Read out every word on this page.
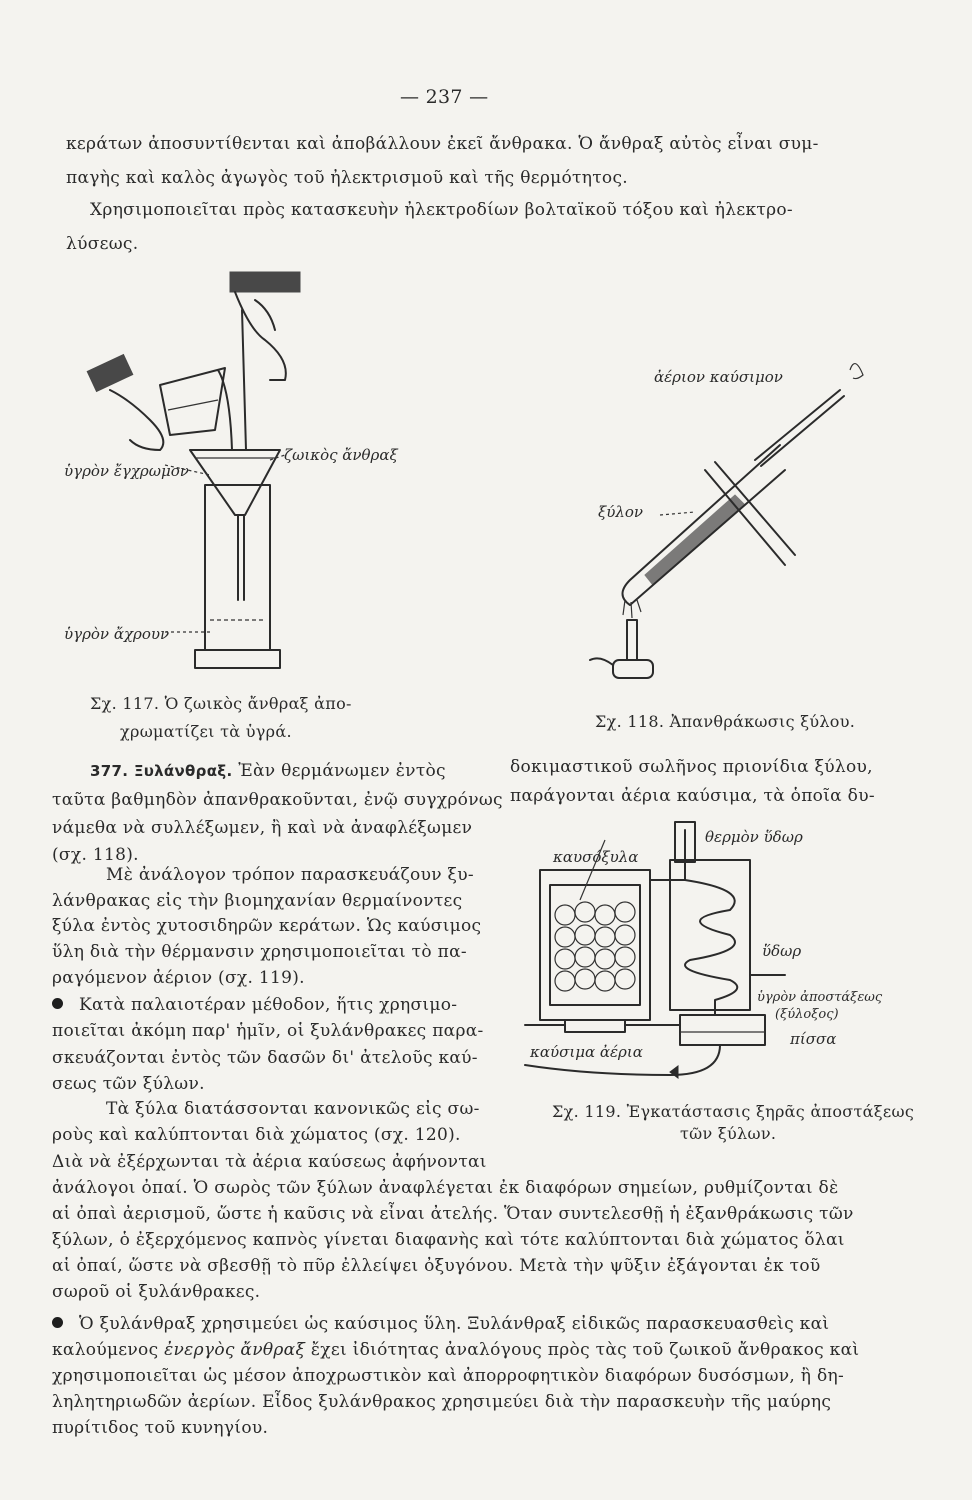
— 237 —
κεράτων ἀποσυντίθενται καὶ ἀποβάλλουν ἐκεῖ ἄνθρακα. Ὁ ἄνθραξ αὐτὸς εἶναι συμ-
παγὴς καὶ καλὸς ἀγωγὸς τοῦ ἠλεκτρισμοῦ καὶ τῆς θερμότητος.
Χρησιμοποιεῖται πρὸς κατασκευὴν ἠλεκτροδίων βολταϊκοῦ τόξου καὶ ἠλεκτρο-
λύσεως.
ὑγρὸν ἔγχρωμον
ζωικὸς ἄνθραξ
ὑγρὸν ἄχρουν
ἀέριον καύσιμον
ξύλον
Σχ. 117. Ὁ ζωικὸς ἄνθραξ ἀπο-
χρωματίζει τὰ ὑγρά.
Σχ. 118. Ἀπανθράκωσις ξύλου.
377. Ξυλάνθραξ. Ἐὰν θερμάνωμεν ἐντὸς	δοκιμαστικοῦ σωλῆνος πριονίδια ξύλου,
παράγονται ἀέρια καύσιμα, τὰ ὁποῖα δυ-
ταῦτα βαθμηδὸν ἀπανθρακοῦνται, ἐνῷ συγχρόνως
νάμεθα νὰ συλλέξωμεν, ἢ καὶ νὰ ἀναφλέξωμεν
(σχ. 118).
Μὲ ἀνάλογον τρόπον παρασκευάζουν ξυ-
λάνθρακας εἰς τὴν βιομηχανίαν θερμαίνοντες
ξύλα ἐντὸς χυτοσιδηρῶν κεράτων. Ὡς καύσιμος
ὕλη διὰ τὴν θέρμανσιν χρησιμοποιεῖται τὸ πα-
ραγόμενον ἀέριον (σχ. 119).
Κατὰ παλαιοτέραν μέθοδον, ἥτις χρησιμο-
ποιεῖται ἀκόμη παρ' ἡμῖν, οἱ ξυλάνθρακες παρα-
σκευάζονται ἐντὸς τῶν δασῶν δι' ἀτελοῦς καύ-
σεως τῶν ξύλων.
Τὰ ξύλα διατάσσονται κανονικῶς εἰς σω-
ροὺς καὶ καλύπτονται διὰ χώματος (σχ. 120).
καυσόξυλα
θερμὸν ὕδωρ
ὕδωρ
ὑγρὸν ἀποστάξεως
(ξύλοξος)
πίσσα
καύσιμα ἀέρια
Σχ. 119. Ἐγκατάστασις ξηρᾶς ἀποστάξεως
τῶν ξύλων.
Διὰ νὰ ἐξέρχωνται τὰ ἀέρια καύσεως ἀφήνονται
ἀνάλογοι ὀπαί. Ὁ σωρὸς τῶν ξύλων ἀναφλέγεται ἐκ διαφόρων σημείων, ρυθμίζονται δὲ
αἱ ὀπαὶ ἀερισμοῦ, ὥστε ἡ καῦσις νὰ εἶναι ἀτελής. Ὅταν συντελεσθῇ ἡ ἐξανθράκωσις τῶν
ξύλων, ὁ ἐξερχόμενος καπνὸς γίνεται διαφανὴς καὶ τότε καλύπτονται διὰ χώματος ὅλαι
αἱ ὀπαί, ὥστε νὰ σβεσθῇ τὸ πῦρ ἐλλείψει ὀξυγόνου. Μετὰ τὴν ψῦξιν ἐξάγονται ἐκ τοῦ
σωροῦ οἱ ξυλάνθρακες.
Ὁ ξυλάνθραξ χρησιμεύει ὡς καύσιμος ὕλη. Ξυλάνθραξ εἰδικῶς παρασκευασθεὶς καὶ
καλούμενος ἐνεργὸς ἄνθραξ ἔχει ἰδιότητας ἀναλόγους πρὸς τὰς τοῦ ζωικοῦ ἄνθρακος καὶ
χρησιμοποιεῖται ὡς μέσον ἀποχρωστικὸν καὶ ἀπορροφητικὸν διαφόρων δυσόσμων, ἢ δη-
ληλητηριωδῶν ἀερίων. Εἶδος ξυλάνθρακος χρησιμεύει διὰ τὴν παρασκευὴν τῆς μαύρης
πυρίτιδος τοῦ κυνηγίου.
